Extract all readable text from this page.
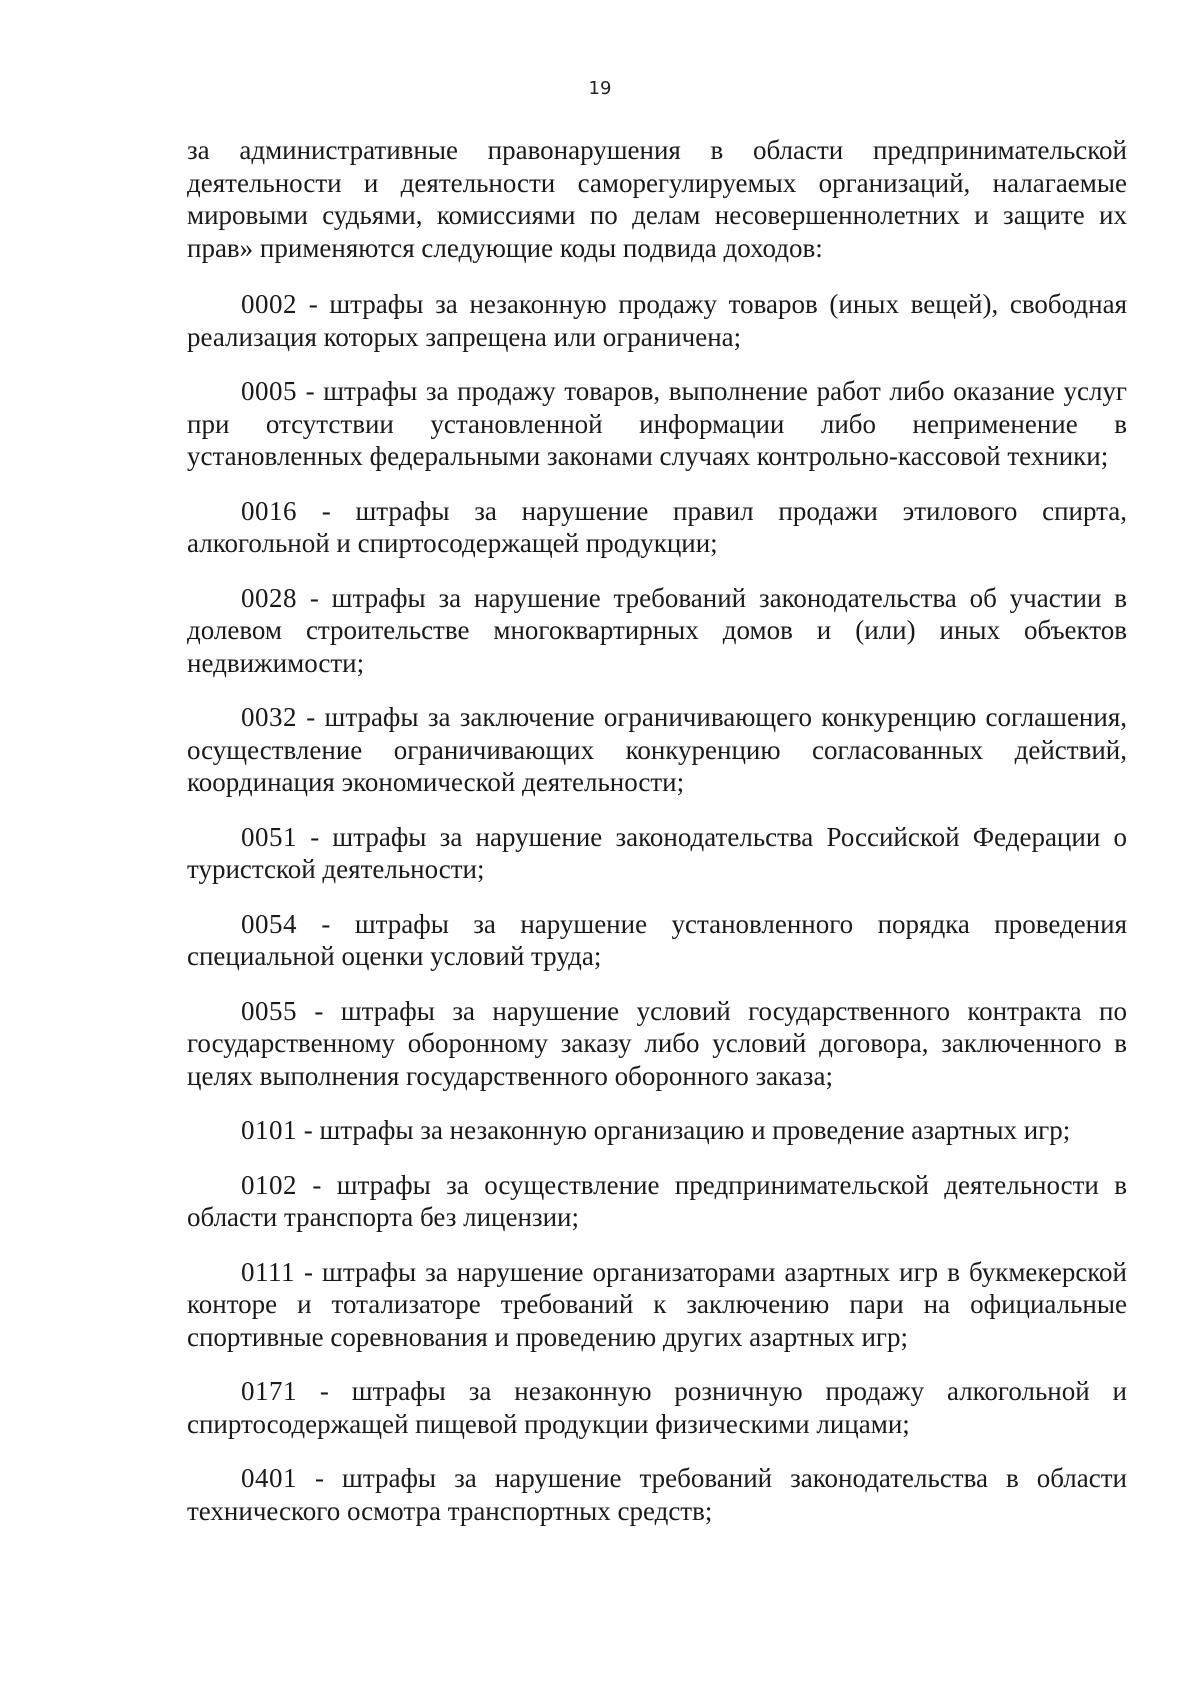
19

за административные правонарушения в области предпринимательской деятельности и деятельности саморегулируемых организаций, налагаемые мировыми судьями, комиссиями по делам несовершеннолетних и защите их прав» применяются следующие коды подвида доходов:

0002 - штрафы за незаконную продажу товаров (иных вещей), свободная реализация которых запрещена или ограничена;

0005 - штрафы за продажу товаров, выполнение работ либо оказание услуг при отсутствии установленной информации либо неприменение в установленных федеральными законами случаях контрольно-кассовой техники;

0016 - штрафы за нарушение правил продажи этилового спирта, алкогольной и спиртосодержащей продукции;

0028 - штрафы за нарушение требований законодательства об участии в долевом строительстве многоквартирных домов и (или) иных объектов недвижимости;

0032 - штрафы за заключение ограничивающего конкуренцию соглашения, осуществление ограничивающих конкуренцию согласованных действий, координация экономической деятельности;

0051 - штрафы за нарушение законодательства Российской Федерации о туристской деятельности;

0054 - штрафы за нарушение установленного порядка проведения специальной оценки условий труда;

0055 - штрафы за нарушение условий государственного контракта по государственному оборонному заказу либо условий договора, заключенного в целях выполнения государственного оборонного заказа;

0101 - штрафы за незаконную организацию и проведение азартных игр;

0102 - штрафы за осуществление предпринимательской деятельности в области транспорта без лицензии;

0111 - штрафы за нарушение организаторами азартных игр в букмекерской конторе и тотализаторе требований к заключению пари на официальные спортивные соревнования и проведению других азартных игр;

0171 - штрафы за незаконную розничную продажу алкогольной и спиртосодержащей пищевой продукции физическими лицами;

0401 - штрафы за нарушение требований законодательства в области технического осмотра транспортных средств;
